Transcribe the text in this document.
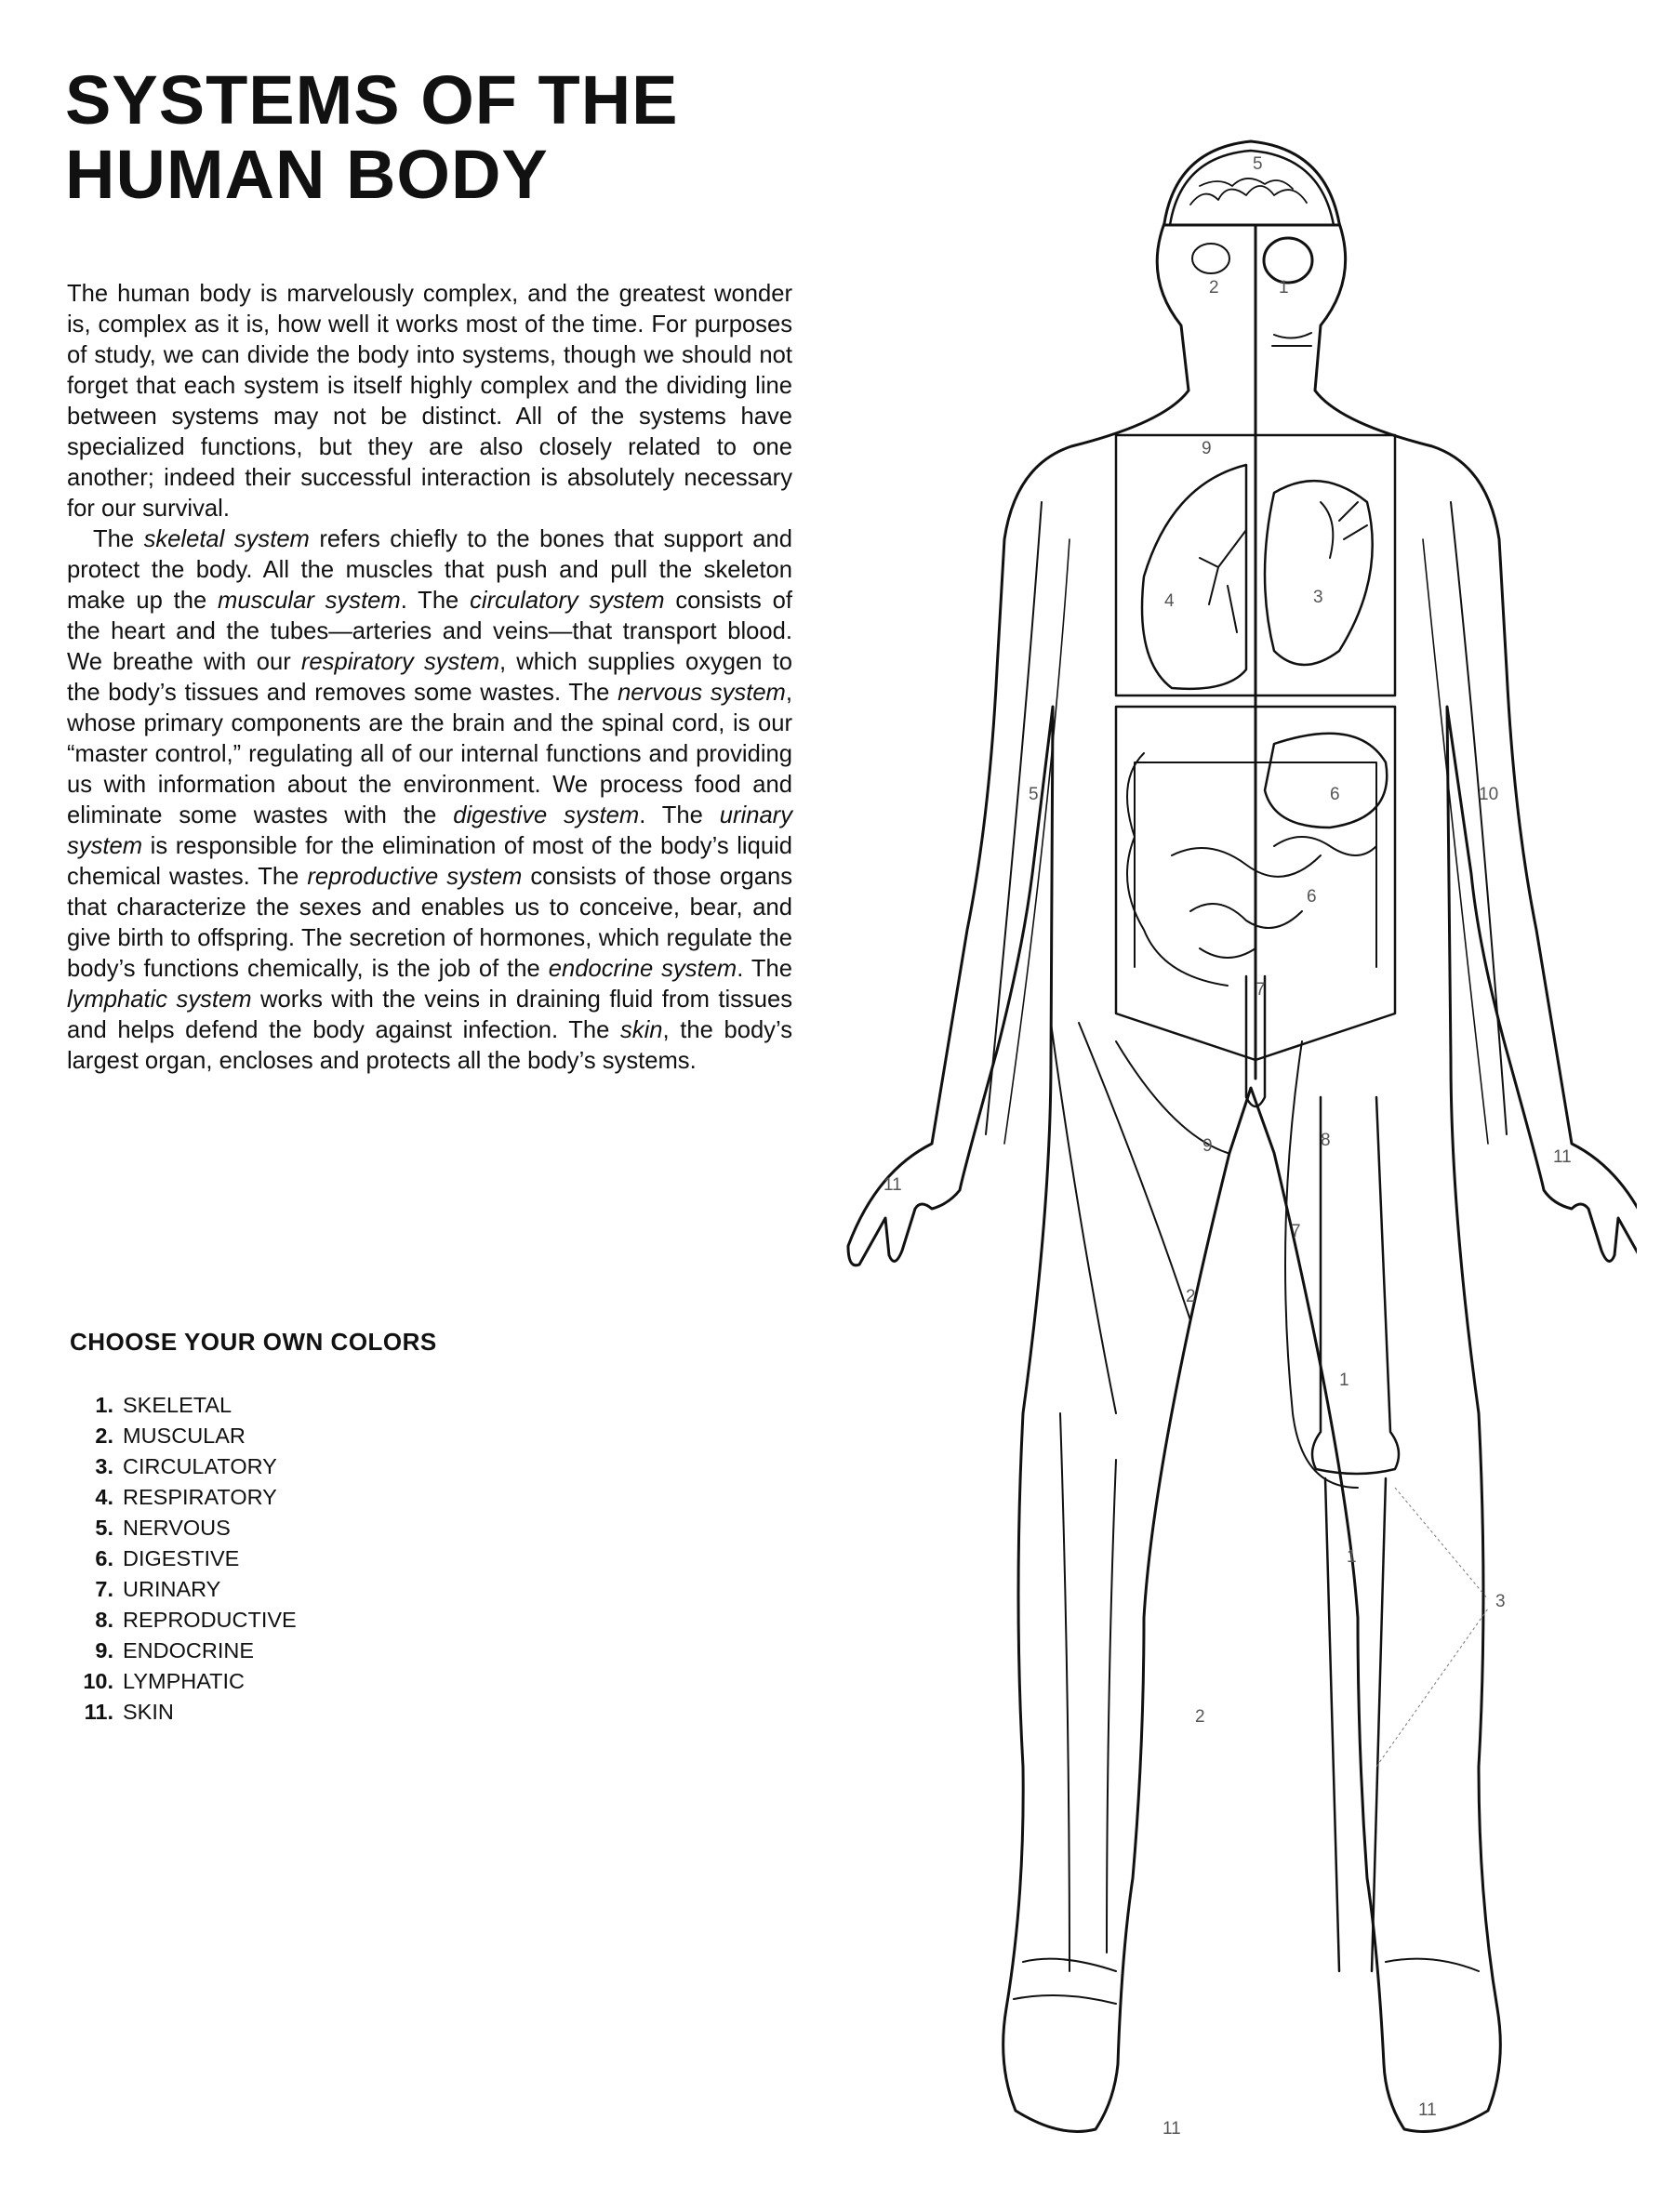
SYSTEMS OF THE
HUMAN BODY

The human body is marvelously complex, and the greatest wonder is, complex as it is, how well it works most of the time. For purposes of study, we can divide the body into systems, though we should not forget that each system is itself highly complex and the dividing line between systems may not be distinct. All of the systems have specialized functions, but they are also closely related to one another; indeed their successful interaction is absolutely necessary for our survival.

The skeletal system refers chiefly to the bones that support and protect the body. All the muscles that push and pull the skeleton make up the muscular system. The circulatory system consists of the heart and the tubes—arteries and veins—that transport blood. We breathe with our respiratory system, which supplies oxygen to the body’s tissues and removes some wastes. The nervous system, whose primary components are the brain and the spinal cord, is our “master control,” regulating all of our internal functions and providing us with information about the environment. We process food and eliminate some wastes with the digestive system. The urinary system is responsible for the elimination of most of the body’s liquid chemical wastes. The reproductive system consists of those organs that characterize the sexes and enables us to conceive, bear, and give birth to offspring. The secretion of hormones, which regulate the body’s functions chemically, is the job of the endocrine system. The lymphatic system works with the veins in draining fluid from tissues and helps defend the body against infection. The skin, the body’s largest organ, encloses and protects all the body’s systems.

CHOOSE YOUR OWN COLORS
1. SKELETAL
2. MUSCULAR
3. CIRCULATORY
4. RESPIRATORY
5. NERVOUS
6. DIGESTIVE
7. URINARY
8. REPRODUCTIVE
9. ENDOCRINE
10. LYMPHATIC
11. SKIN
5
2	1
9
4	3
5	6
6
10
7
8
9
7
11
11
2
1
1
3
2
11
11
